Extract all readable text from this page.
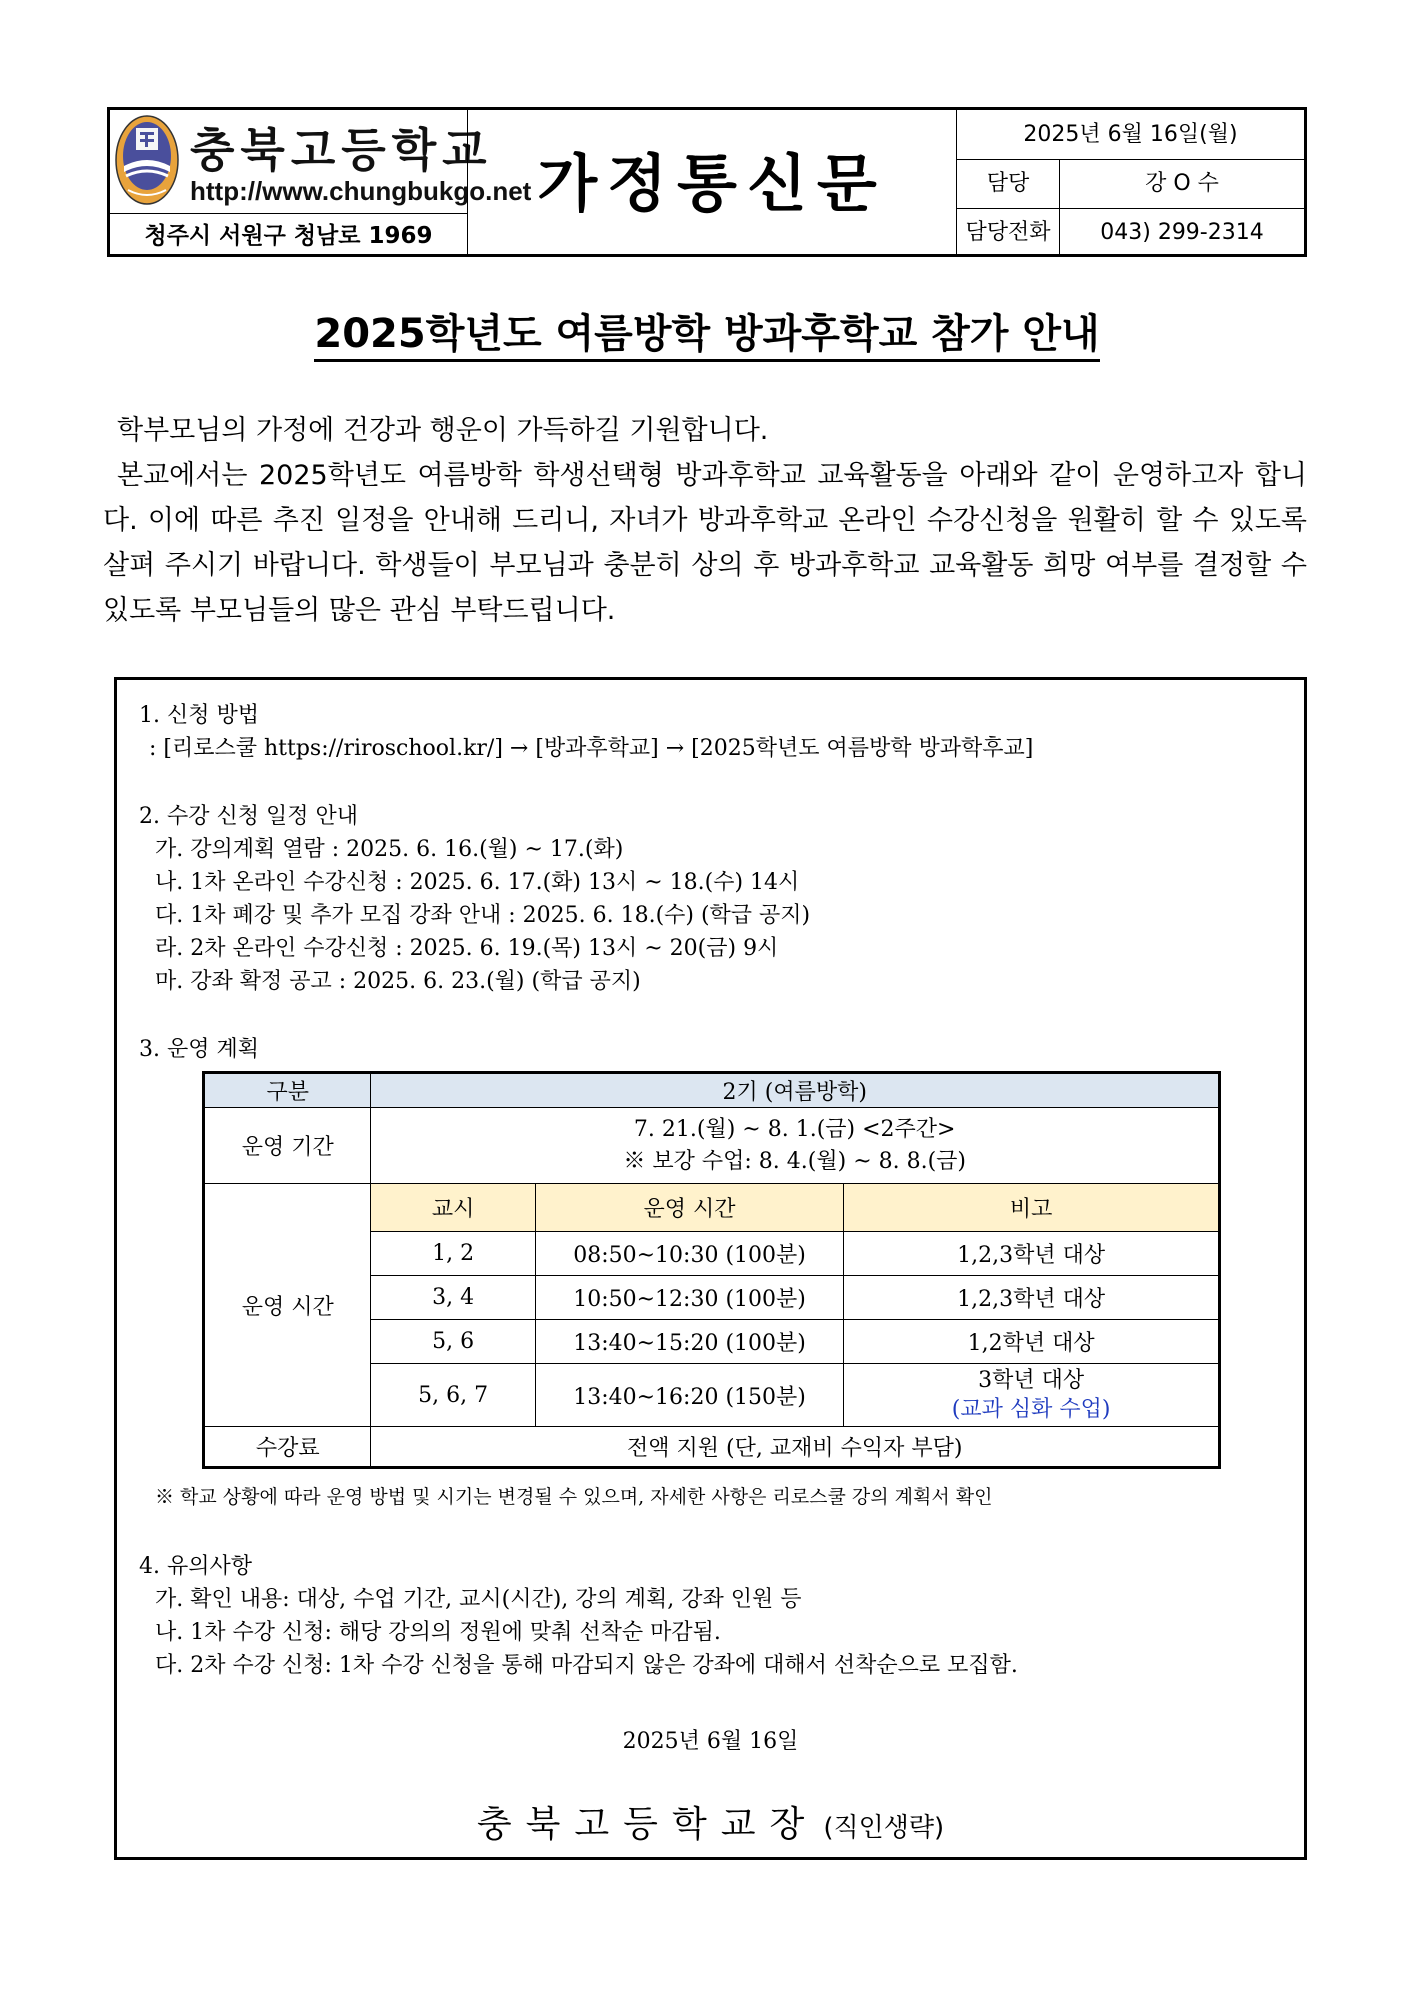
충북고등학교
http://www.chungbukgo.net
청주시 서원구 청남로 1969
가정통신문
2025년 6월 16일(월)
담당	강 O 수
담당전화	043) 299-2314
2025학년도 여름방학 방과후학교 참가 안내

학부모님의 가정에 건강과 행운이 가득하길 기원합니다.

본교에서는 2025학년도 여름방학 학생선택형 방과후학교 교육활동을 아래와 같이 운영하고자 합니다. 이에 따른 추진 일정을 안내해 드리니, 자녀가 방과후학교 온라인 수강신청을 원활히 할 수 있도록 살펴 주시기 바랍니다. 학생들이 부모님과 충분히 상의 후 방과후학교 교육활동 희망 여부를 결정할 수 있도록 부모님들의 많은 관심 부탁드립니다.

1. 신청 방법
: [리로스쿨 https://riroschool.kr/] → [방과후학교] → [2025학년도 여름방학 방과학후교]
2. 수강 신청 일정 안내
가. 강의계획 열람 : 2025. 6. 16.(월) ~ 17.(화)
나. 1차 온라인 수강신청 : 2025. 6. 17.(화) 13시 ~ 18.(수) 14시
다. 1차 폐강 및 추가 모집 강좌 안내 : 2025. 6. 18.(수) (학급 공지)
라. 2차 온라인 수강신청 : 2025. 6. 19.(목) 13시 ~ 20(금) 9시
마. 강좌 확정 공고 : 2025. 6. 23.(월) (학급 공지)
3. 운영 계획
구분	2기 (여름방학)		
운영 기간	7. 21.(월) ~ 8. 1.(금) <2주간>
※ 보강 수업: 8. 4.(월) ~ 8. 8.(금)		

운영 시간	교시	운영 시간	비고
	1, 2	08:50~10:30 (100분)	1,2,3학년 대상
	3, 4	10:50~12:30 (100분)	1,2,3학년 대상
	5, 6	13:40~15:20 (100분)	1,2학년 대상
	5, 6, 7	13:40~16:20 (150분)	3학년 대상
(교과 심화 수업)

수강료	전액 지원 (단, 교재비 수익자 부담)		
※ 학교 상황에 따라 운영 방법 및 시기는 변경될 수 있으며, 자세한 사항은 리로스쿨 강의 계획서 확인
4. 유의사항
가. 확인 내용: 대상, 수업 기간, 교시(시간), 강의 계획, 강좌 인원 등
나. 1차 수강 신청: 해당 강의의 정원에 맞춰 선착순 마감됨.
다. 2차 수강 신청: 1차 수강 신청을 통해 마감되지 않은 강좌에 대해서 선착순으로 모집함.
2025년 6월 16일
충북고등학교장 (직인생략)
